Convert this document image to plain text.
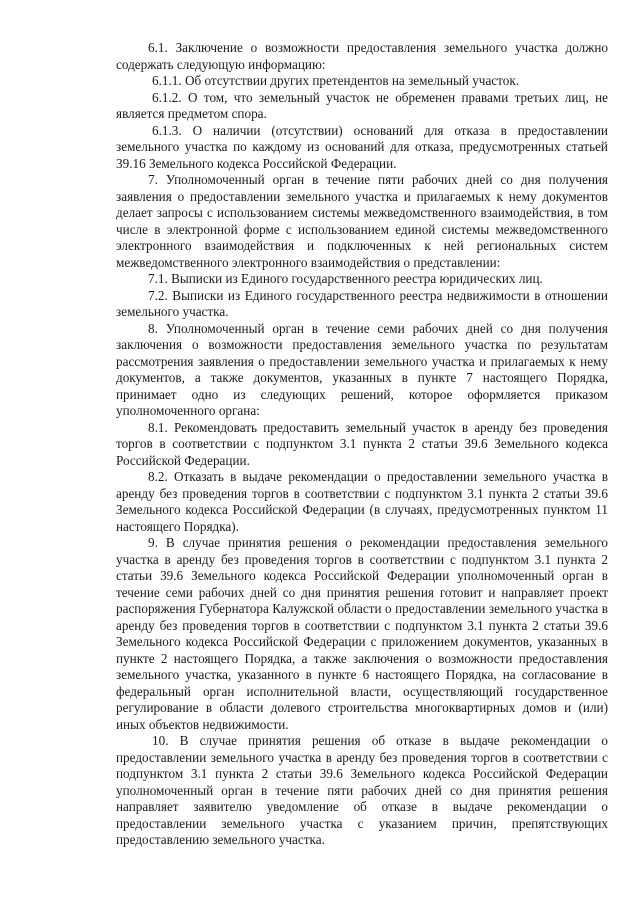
6.1. Заключение о возможности предоставления земельного участка должно содержать следующую информацию:

6.1.1. Об отсутствии других претендентов на земельный участок.

6.1.2. О том, что земельный участок не обременен правами третьих лиц, не является предметом спора.

6.1.3. О наличии (отсутствии) оснований для отказа в предоставлении земельного участка по каждому из оснований для отказа, предусмотренных статьей 39.16 Земельного кодекса Российской Федерации.

7. Уполномоченный орган в течение пяти рабочих дней со дня получения заявления о предоставлении земельного участка и прилагаемых к нему документов делает запросы с использованием системы межведомственного взаимодействия, в том числе в электронной форме с использованием единой системы межведомственного электронного взаимодействия и подключенных к ней региональных систем межведомственного электронного взаимодействия о представлении:

7.1. Выписки из Единого государственного реестра юридических лиц.

7.2. Выписки из Единого государственного реестра недвижимости в отношении земельного участка.

8. Уполномоченный орган в течение семи рабочих дней со дня получения заключения о возможности предоставления земельного участка по результатам рассмотрения заявления о предоставлении земельного участка и прилагаемых к нему документов, а также документов, указанных в пункте 7 настоящего Порядка, принимает одно из следующих решений, которое оформляется приказом уполномоченного органа:

8.1. Рекомендовать предоставить земельный участок в аренду без проведения торгов в соответствии с подпунктом 3.1 пункта 2 статьи 39.6 Земельного кодекса Российской Федерации.

8.2. Отказать в выдаче рекомендации о предоставлении земельного участка в аренду без проведения торгов в соответствии с подпунктом 3.1 пункта 2 статьи 39.6 Земельного кодекса Российской Федерации (в случаях, предусмотренных пунктом 11 настоящего Порядка).

9. В случае принятия решения о рекомендации предоставления земельного участка в аренду без проведения торгов в соответствии с подпунктом 3.1 пункта 2 статьи 39.6 Земельного кодекса Российской Федерации уполномоченный орган в течение семи рабочих дней со дня принятия решения готовит и направляет проект распоряжения Губернатора Калужской области о предоставлении земельного участка в аренду без проведения торгов в соответствии с подпунктом 3.1 пункта 2 статьи 39.6 Земельного кодекса Российской Федерации с приложением документов, указанных в пункте 2 настоящего Порядка, а также заключения о возможности предоставления земельного участка, указанного в пункте 6 настоящего Порядка, на согласование в федеральный орган исполнительной власти, осуществляющий государственное регулирование в области долевого строительства многоквартирных домов и (или) иных объектов недвижимости.

10. В случае принятия решения об отказе в выдаче рекомендации о предоставлении земельного участка в аренду без проведения торгов в соответствии с подпунктом 3.1 пункта 2 статьи 39.6 Земельного кодекса Российской Федерации уполномоченный орган в течение пяти рабочих дней со дня принятия решения направляет заявителю уведомление об отказе в выдаче рекомендации о предоставлении земельного участка с указанием причин, препятствующих предоставлению земельного участка.
